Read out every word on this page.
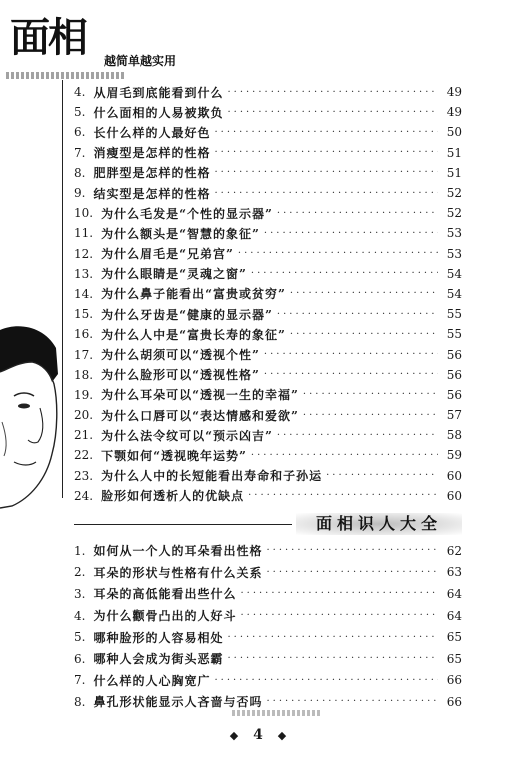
面相 越简单越实用
4. 从眉毛到底能看到什么 ·····	49
5. 什么面相的人易被欺负 ·····	49
6. 长什么样的人最好色 ·····	50
7. 消瘦型是怎样的性格 ·····	51
8. 肥胖型是怎样的性格 ·····	51
9. 结实型是怎样的性格 ·····	52
10. 为什么毛发是“个性的显示器” ·····	52
11. 为什么额头是“智慧的象征” ·····	53
12. 为什么眉毛是“兄弟宫” ·····	53
13. 为什么眼睛是“灵魂之窗” ·····	54
14. 为什么鼻子能看出“富贵或贫穷” ·····	54
15. 为什么牙齿是“健康的显示器” ·····	55
16. 为什么人中是“富贵长寿的象征” ·····	55
17. 为什么胡须可以“透视个性” ·····	56
18. 为什么脸形可以“透视性格” ·····	56
19. 为什么耳朵可以“透视一生的幸福” ·····	56
20. 为什么口唇可以“表达情感和爱欲” ·····	57
21. 为什么法令纹可以“预示凶吉” ·····	58
22. 下颚如何“透视晚年运势” ·····	59
23. 为什么人中的长短能看出寿命和子孙运 ·····	60
24. 脸形如何透析人的优缺点 ·····	60
面相识人大全
1. 如何从一个人的耳朵看出性格 ·····	62
2. 耳朵的形状与性格有什么关系 ·····	63
3. 耳朵的高低能看出些什么 ·····	64
4. 为什么颧骨凸出的人好斗 ·····	64
5. 哪种脸形的人容易相处 ·····	65
6. 哪种人会成为街头恶霸 ·····	65
7. 什么样的人心胸宽广 ·····	66
8. 鼻孔形状能显示人吝啬与否吗 ·····	66
◆ 4 ◆
